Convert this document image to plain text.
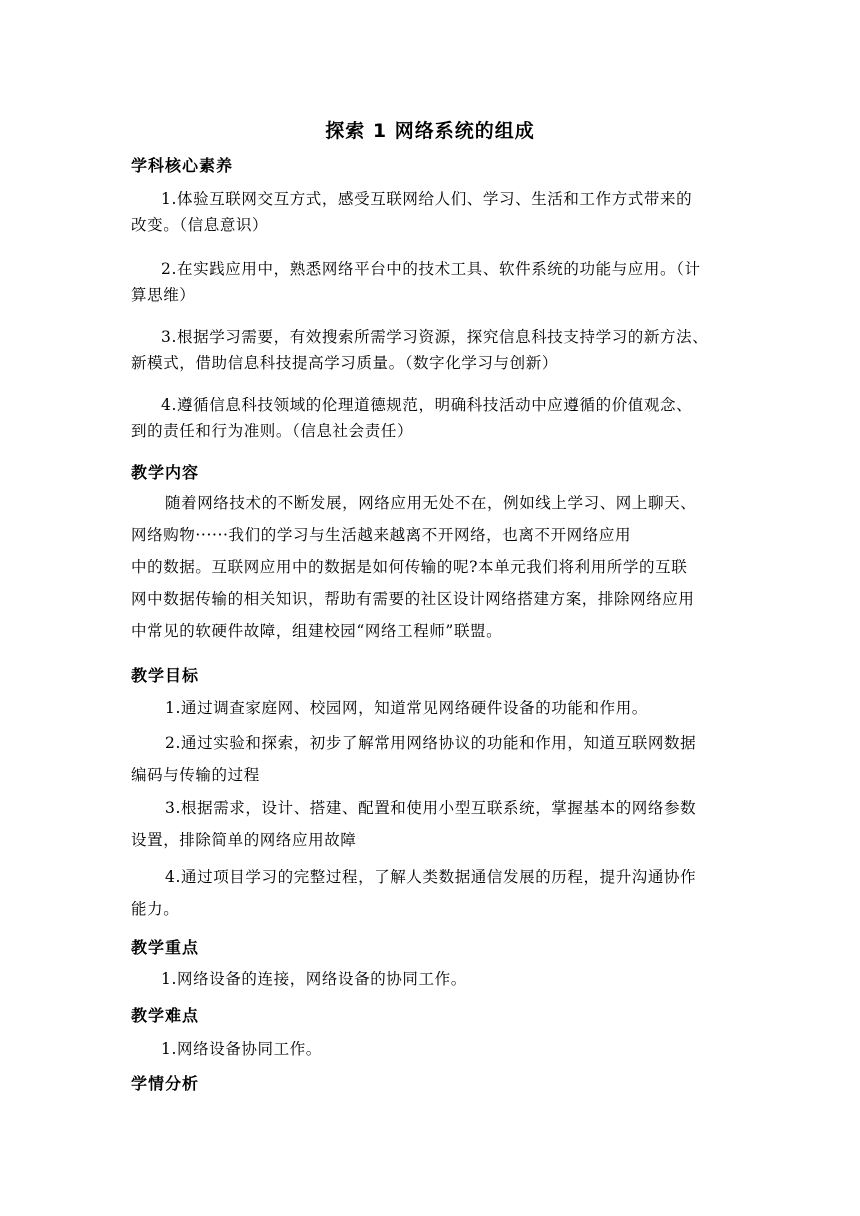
探索 1 网络系统的组成
学科核心素养
1.体验互联网交互方式，感受互联网给人们、学习、生活和工作方式带来的
改变。（信息意识）
2.在实践应用中，熟悉网络平台中的技术工具、软件系统的功能与应用。（计
算思维）
3.根据学习需要，有效搜索所需学习资源，探究信息科技支持学习的新方法、
新模式，借助信息科技提高学习质量。（数字化学习与创新）
4.遵循信息科技领域的伦理道德规范，明确科技活动中应遵循的价值观念、
到的责任和行为准则。（信息社会责任）
教学内容
随着网络技术的不断发展，网络应用无处不在，例如线上学习、网上聊天、
网络购物······我们的学习与生活越来越离不开网络，也离不开网络应用
中的数据。互联网应用中的数据是如何传输的呢?本单元我们将利用所学的互联
网中数据传输的相关知识，帮助有需要的社区设计网络搭建方案，排除网络应用
中常见的软硬件故障，组建校园“网络工程师”联盟。
教学目标
1.通过调查家庭网、校园网，知道常见网络硬件设备的功能和作用。
2.通过实验和探索，初步了解常用网络协议的功能和作用，知道互联网数据
编码与传输的过程
3.根据需求，设计、搭建、配置和使用小型互联系统，掌握基本的网络参数
设置，排除简单的网络应用故障
4.通过项目学习的完整过程，了解人类数据通信发展的历程，提升沟通协作
能力。
教学重点
1.网络设备的连接，网络设备的协同工作。
教学难点
1.网络设备协同工作。
学情分析
